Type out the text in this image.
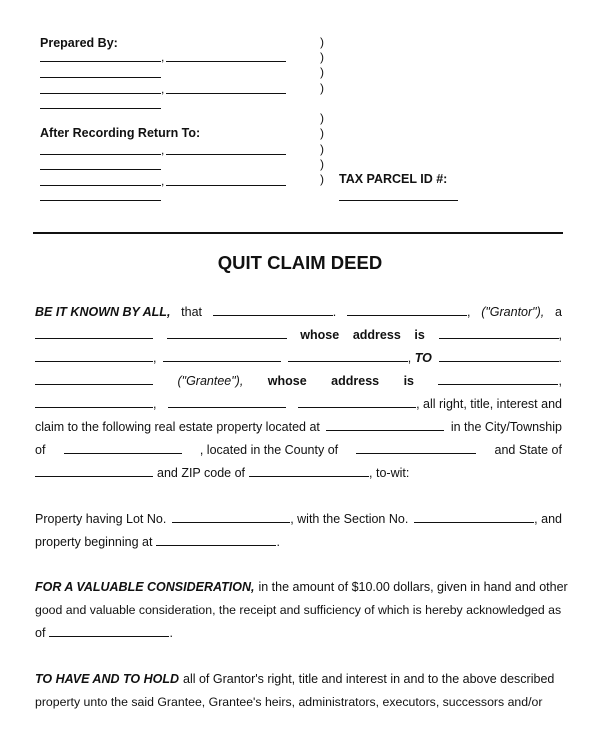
Prepared By:
,
,
After Recording Return To:
,
,
)
)
)
)
)
)
)
)
) TAX PARCEL ID #:
QUIT CLAIM DEED
BE IT KNOWN BY ALL, that	.	, ("Grantor"), a
whose address is	,
,	, TO	.
("Grantee"), whose address is	,
,	, all right, title, interest and
claim to the following real estate property located at	in the City/Township
of	, located in the County of	and State of
and ZIP code of	, to-wit:
Property having Lot No.	, with the Section No.	, and
property beginning at	.
FOR A VALUABLE CONSIDERATION, in the amount of $10.00 dollars, given in hand and other
good and valuable consideration, the receipt and sufficiency of which is hereby acknowledged as
of	.
TO HAVE AND TO HOLD all of Grantor's right, title and interest in and to the above described
property unto the said Grantee, Grantee's heirs, administrators, executors, successors and/or
